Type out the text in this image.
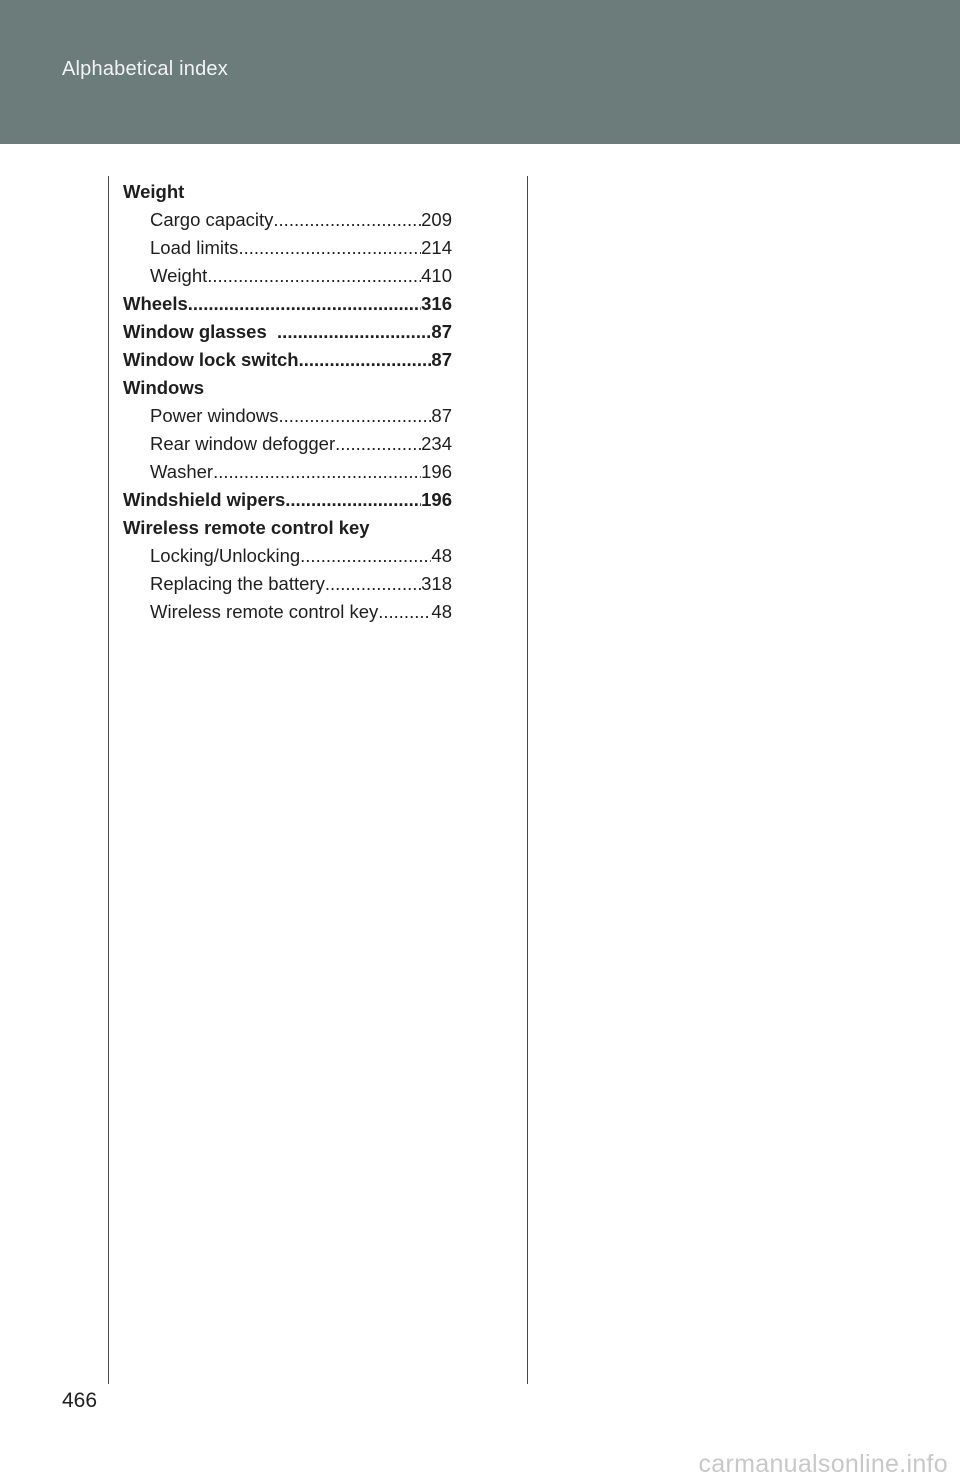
Alphabetical index
Weight
Cargo capacity .....	209
Load limits .....	214
Weight .....	410
Wheels .....	316
Window glasses .....	87
Window lock switch .....	87
Windows
Power windows .....	87
Rear window defogger .....	234
Washer .....	196
Windshield wipers .....	196
Wireless remote control key
Locking/Unlocking .....	48
Replacing the battery .....	318
Wireless remote control key .....	48
466
carmanualsonline.info
